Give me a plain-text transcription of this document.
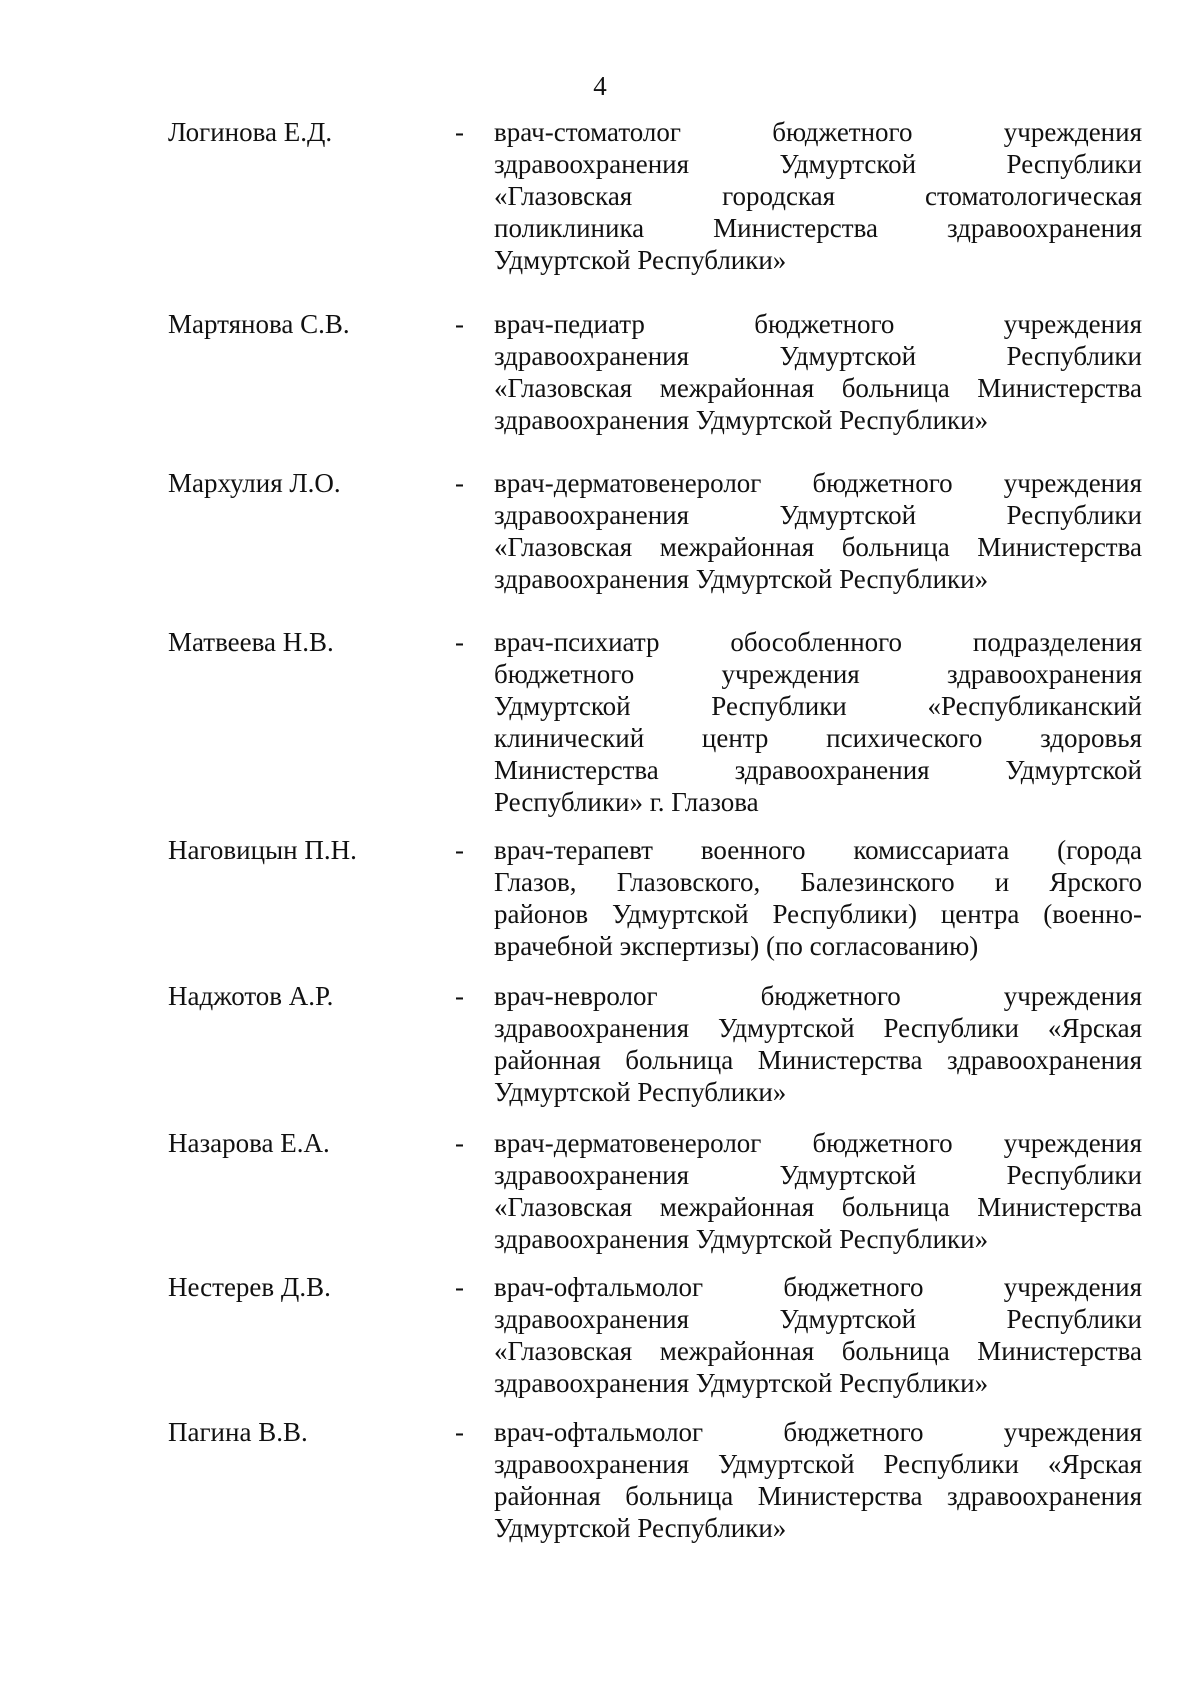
4
Логинова Е.Д.	- врач-стоматолог бюджетного учреждения
здравоохранения Удмуртской Республики
«Глазовская городская стоматологическая
поликлиника Министерства здравоохранения
Удмуртской Республики»
Мартянова С.В.	- врач-педиатр бюджетного учреждения
здравоохранения Удмуртской Республики
«Глазовская межрайонная больница Министерства
здравоохранения Удмуртской Республики»
Мархулия Л.О.	- врач-дерматовенеролог бюджетного учреждения
здравоохранения Удмуртской Республики
«Глазовская межрайонная больница Министерства
здравоохранения Удмуртской Республики»
Матвеева Н.В.	- врач-психиатр обособленного подразделения
бюджетного учреждения здравоохранения
Удмуртской Республики «Республиканский
клинический центр психического здоровья
Министерства здравоохранения Удмуртской
Республики» г. Глазова
Наговицын П.Н.	- врач-терапевт военного комиссариата (города
Глазов, Глазовского, Балезинского и Ярского
районов Удмуртской Республики) центра (военно-
врачебной экспертизы) (по согласованию)
Наджотов А.Р.	- врач-невролог бюджетного учреждения
здравоохранения Удмуртской Республики «Ярская
районная больница Министерства здравоохранения
Удмуртской Республики»
Назарова Е.А.	- врач-дерматовенеролог бюджетного учреждения
здравоохранения Удмуртской Республики
«Глазовская межрайонная больница Министерства
здравоохранения Удмуртской Республики»
Нестерев Д.В.	- врач-офтальмолог бюджетного учреждения
здравоохранения Удмуртской Республики
«Глазовская межрайонная больница Министерства
здравоохранения Удмуртской Республики»
Пагина В.В.	- врач-офтальмолог бюджетного учреждения
здравоохранения Удмуртской Республики «Ярская
районная больница Министерства здравоохранения
Удмуртской Республики»
